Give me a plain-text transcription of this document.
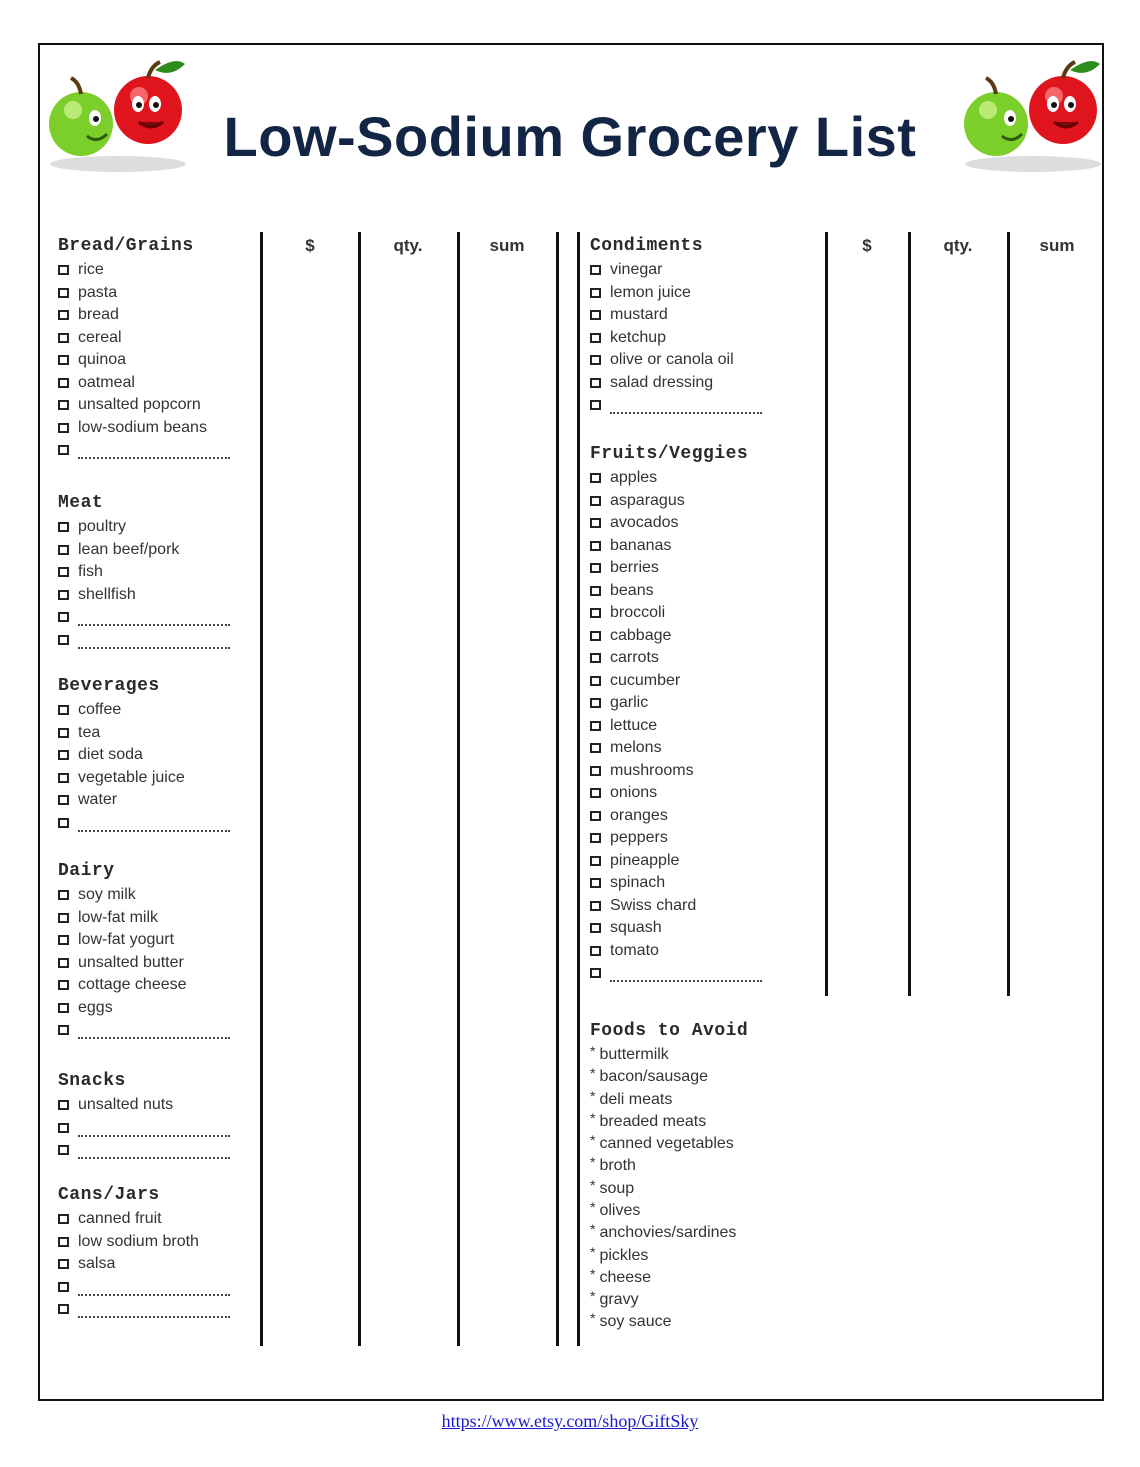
Low-Sodium Grocery List
$	qty.	sum	$	qty.	sum
Bread/Grains
rice
pasta
bread
cereal
quinoa
oatmeal
unsalted popcorn
low-sodium beans
Meat
poultry
lean beef/pork
fish
shellfish
Beverages
coffee
tea
diet soda
vegetable juice
water
Dairy
soy milk
low-fat milk
low-fat yogurt
unsalted butter
cottage cheese
eggs
Snacks
unsalted nuts
Cans/Jars
canned fruit
low sodium broth
salsa
Condiments
vinegar
lemon juice
mustard
ketchup
olive or canola oil
salad dressing
Fruits/Veggies
apples
asparagus
avocados
bananas
berries
beans
broccoli
cabbage
carrots
cucumber
garlic
lettuce
melons
mushrooms
onions
oranges
peppers
pineapple
spinach
Swiss chard
squash
tomato
Foods to Avoid
* buttermilk
* bacon/sausage
* deli meats
* breaded meats
* canned vegetables
* broth
* soup
* olives
* anchovies/sardines
* pickles
* cheese
* gravy
* soy sauce
https://www.etsy.com/shop/GiftSky
